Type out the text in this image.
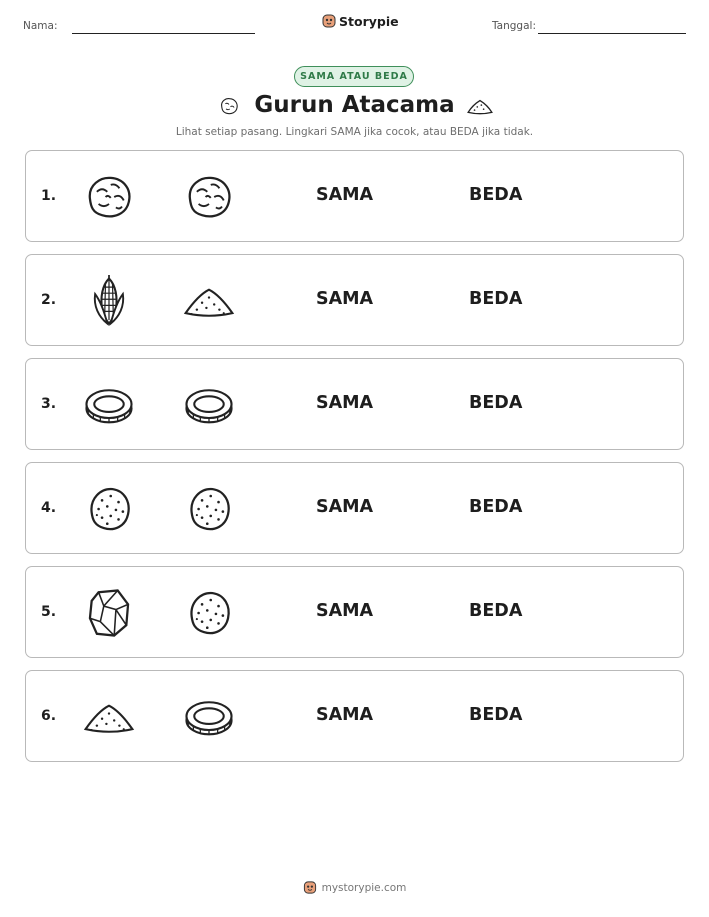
Nama:	Storypie	Tanggal:
SAMA ATAU BEDA
Gurun Atacama
Lihat setiap pasang. Lingkari SAMA jika cocok, atau BEDA jika tidak.
1.	SAMA	BEDA
2.	SAMA	BEDA
3.	SAMA	BEDA
4.	SAMA	BEDA
5.	SAMA	BEDA
6.	SAMA	BEDA
mystorypie.com
